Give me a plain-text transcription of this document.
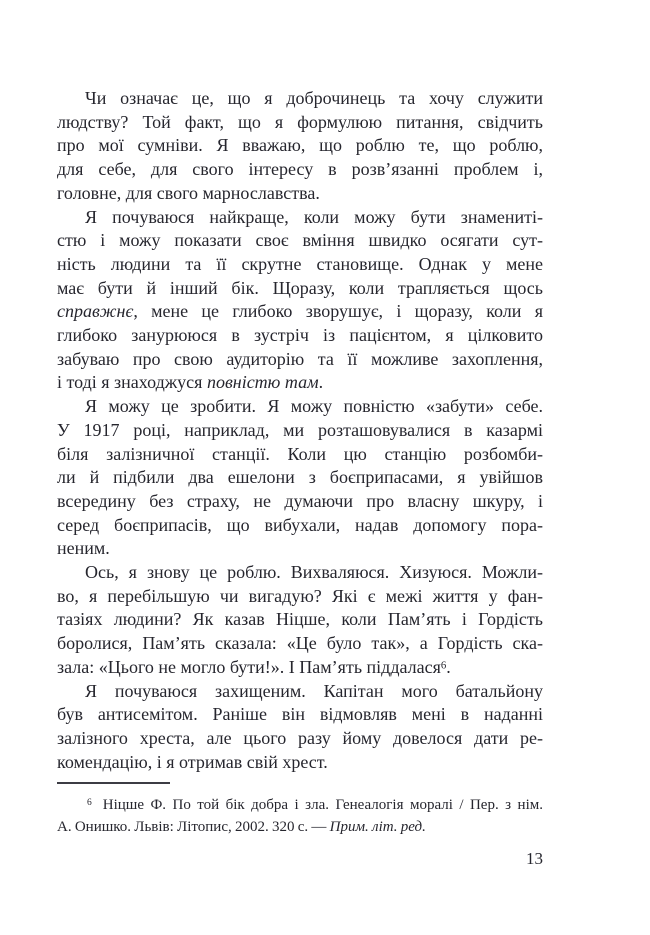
Чи означає це, що я доброчинець та хочу служити
людству? Той факт, що я формулюю питання, свідчить
про мої сумніви. Я вважаю, що роблю те, що роблю,
для себе, для свого інтересу в розв’язанні проблем і,
головне, для свого марнославства.

Я почуваюся найкраще, коли можу бути знамениті-
стю і можу показати своє вміння швидко осягати сут-
ність людини та її скрутне становище. Однак у мене
має бути й інший бік. Щоразу, коли трапляється щось
справжнє, мене це глибоко зворушує, і щоразу, коли я
глибоко занурююся в зустріч із пацієнтом, я цілковито
забуваю про свою аудиторію та її можливе захоплення,
і тоді я знаходжуся повністю там.

Я можу це зробити. Я можу повністю «забути» себе.
У 1917 році, наприклад, ми розташовувалися в казармі
біля залізничної станції. Коли цю станцію розбомби-
ли й підбили два ешелони з боєприпасами, я увійшов
всередину без страху, не думаючи про власну шкуру, і
серед боєприпасів, що вибухали, надав допомогу пора-
неним.

Ось, я знову це роблю. Вихваляюся. Хизуюся. Можли-
во, я перебільшую чи вигадую? Які є межі життя у фан-
тазіях людини? Як казав Ніцше, коли Пам’ять і Гордість
боролися, Пам’ять сказала: «Це було так», а Гордість ска-
зала: «Цього не могло бути!». І Пам’ять піддалася$^6$.

Я почуваюся захищеним. Капітан мого батальйону
був антисемітом. Раніше він відмовляв мені в наданні
залізного хреста, але цього разу йому довелося дати ре-
комендацію, і я отримав свій хрест.

$^6$ Ніцше Ф. По той бік добра і зла. Генеалогія моралі / Пер. з нім.
А. Онишко. Львів: Літопис, 2002. 320 с. — Прим. літ. ред.
13
